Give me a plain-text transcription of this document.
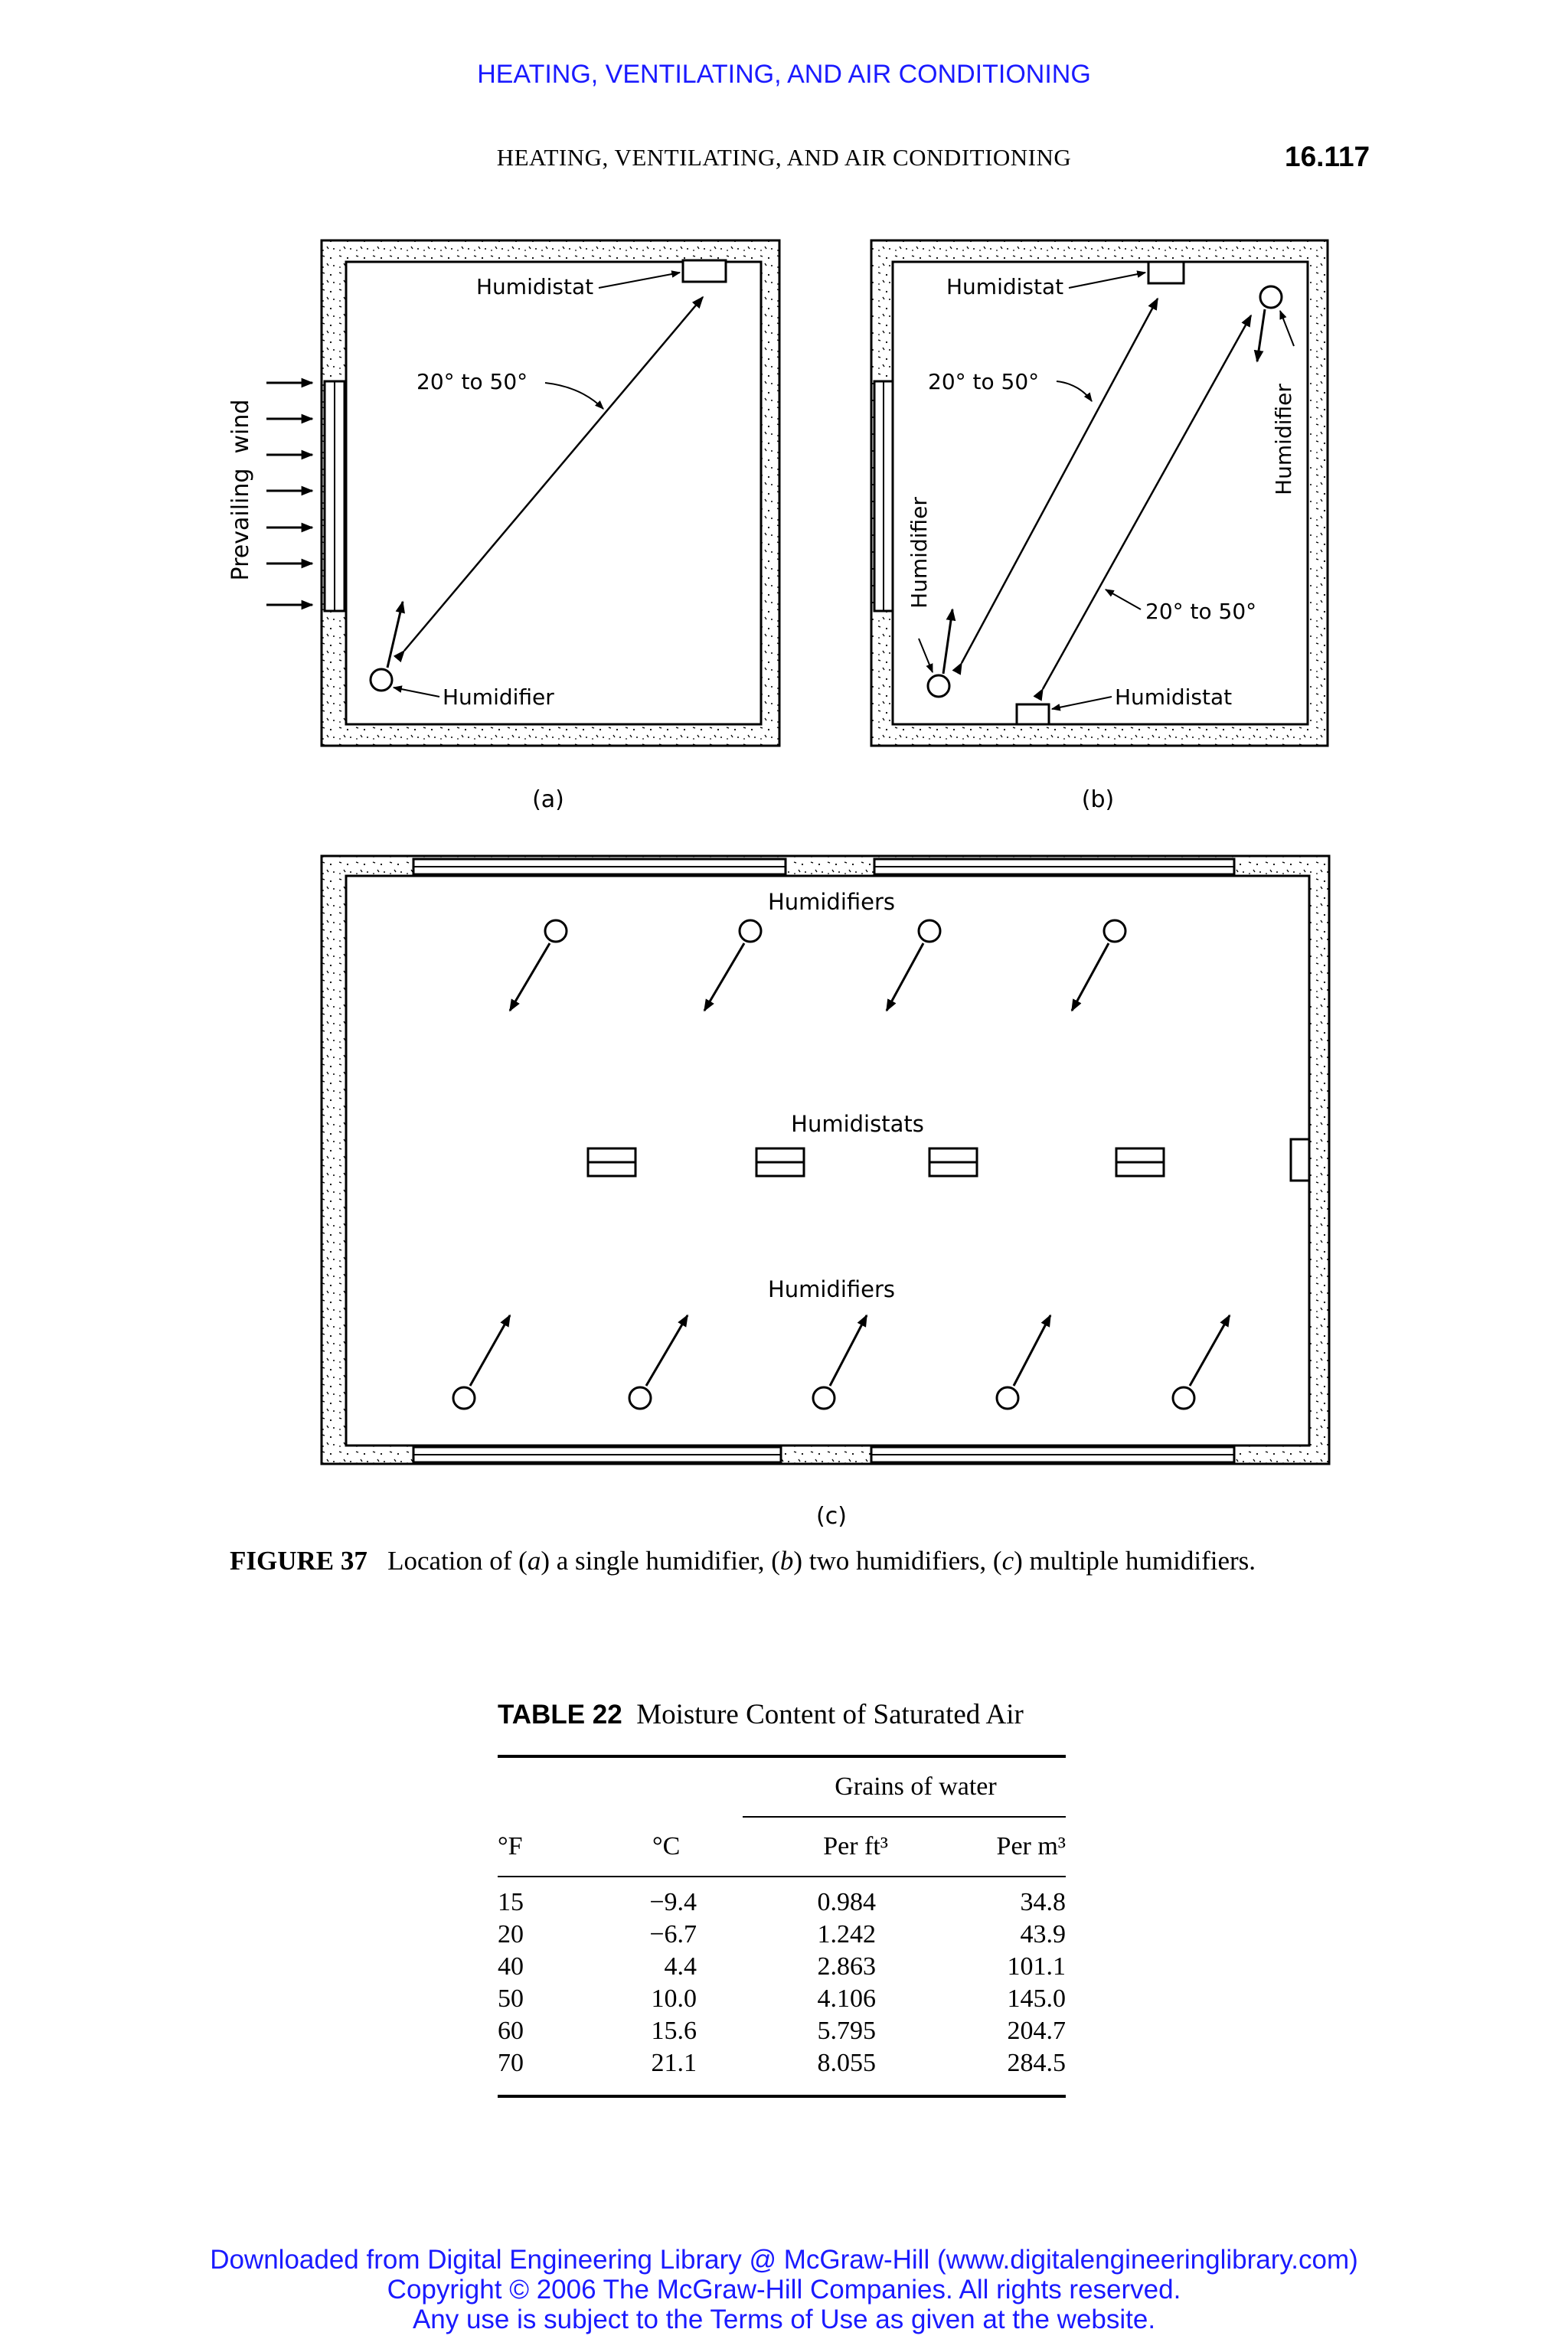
HEATING, VENTILATING, AND AIR CONDITIONING
HEATING, VENTILATING, AND AIR CONDITIONING	16.117
Prevailing  wind
Humidistat
20° to 50°
Humidifier
(a)
Humidistat
20° to 50°
Humidifier
Humidifier
20° to 50°
Humidistat
(b)
Humidifiers
Humidistats
Humidifiers
(c)
FIGURE 37 Location of (a) a single humidifier, (b) two humidifiers, (c) multiple humidifiers.
TABLE 22 Moisture Content of Saturated Air
		Grains of water	

°F	°C	Per ft³	Per m³
15	−9.4	0.984	34.8
20	−6.7	1.242	43.9
40	4.4	2.863	101.1
50	10.0	4.106	145.0
60	15.6	5.795	204.7
70	21.1	8.055	284.5
Downloaded from Digital Engineering Library @ McGraw-Hill (www.digitalengineeringlibrary.com)
Copyright © 2006 The McGraw-Hill Companies. All rights reserved.
Any use is subject to the Terms of Use as given at the website.
